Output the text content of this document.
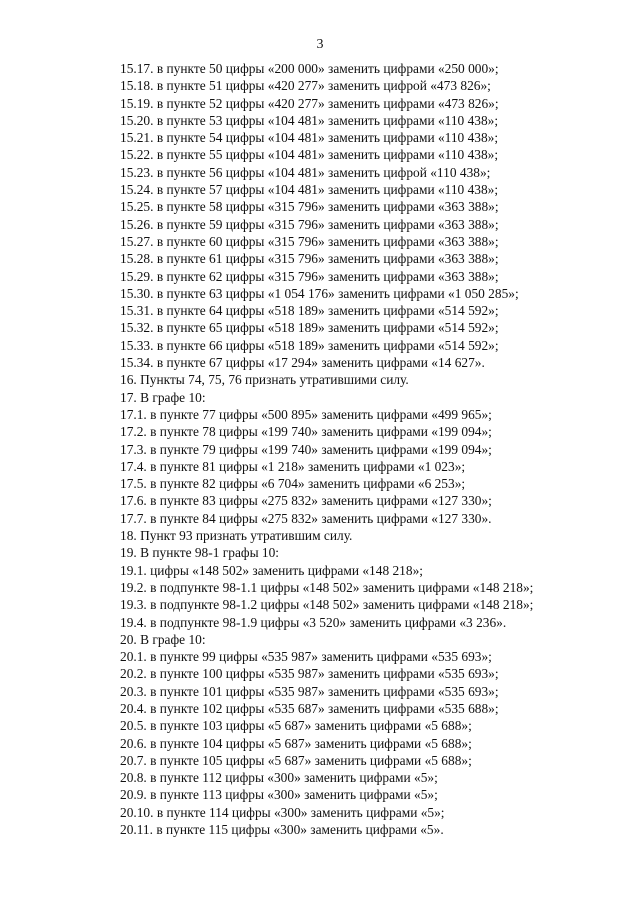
3
15.17. в пункте 50 цифры «200 000» заменить цифрами «250 000»;
15.18. в пункте 51 цифры «420 277» заменить цифрой «473 826»;
15.19. в пункте 52 цифры «420 277» заменить цифрами «473 826»;
15.20. в пункте 53 цифры «104 481» заменить цифрами «110 438»;
15.21. в пункте 54 цифры «104 481» заменить цифрами «110 438»;
15.22. в пункте 55 цифры «104 481» заменить цифрами «110 438»;
15.23. в пункте 56 цифры «104 481» заменить цифрой «110 438»;
15.24. в пункте 57 цифры «104 481» заменить цифрами «110 438»;
15.25. в пункте 58 цифры «315 796» заменить цифрами «363 388»;
15.26. в пункте 59 цифры «315 796» заменить цифрами «363 388»;
15.27. в пункте 60 цифры «315 796» заменить цифрами «363 388»;
15.28. в пункте 61 цифры «315 796» заменить цифрами «363 388»;
15.29. в пункте 62 цифры «315 796» заменить цифрами «363 388»;
15.30. в пункте 63 цифры «1 054 176» заменить цифрами «1 050 285»;
15.31. в пункте 64 цифры «518 189» заменить цифрами «514 592»;
15.32. в пункте 65 цифры «518 189» заменить цифрами «514 592»;
15.33. в пункте 66 цифры «518 189» заменить цифрами «514 592»;
15.34. в пункте 67 цифры «17 294» заменить цифрами «14 627».
16. Пункты 74, 75, 76 признать утратившими силу.
17. В графе 10:
17.1. в пункте 77 цифры «500 895» заменить цифрами «499 965»;
17.2. в пункте 78 цифры «199 740» заменить цифрами «199 094»;
17.3. в пункте 79 цифры «199 740» заменить цифрами «199 094»;
17.4. в пункте 81 цифры «1 218» заменить цифрами «1 023»;
17.5. в пункте 82 цифры «6 704» заменить цифрами «6 253»;
17.6. в пункте 83 цифры «275 832» заменить цифрами «127 330»;
17.7. в пункте 84 цифры «275 832» заменить цифрами «127 330».
18. Пункт 93 признать утратившим силу.
19. В пункте 98-1 графы 10:
19.1. цифры «148 502» заменить цифрами «148 218»;
19.2. в подпункте 98-1.1 цифры «148 502» заменить цифрами «148 218»;
19.3. в подпункте 98-1.2 цифры «148 502» заменить цифрами «148 218»;
19.4. в подпункте 98-1.9 цифры «3 520» заменить цифрами «3 236».
20. В графе 10:
20.1. в пункте 99 цифры «535 987» заменить цифрами «535 693»;
20.2. в пункте 100 цифры «535 987» заменить цифрами «535 693»;
20.3. в пункте 101 цифры «535 987» заменить цифрами «535 693»;
20.4. в пункте 102 цифры «535 687» заменить цифрами «535 688»;
20.5. в пункте 103 цифры «5 687» заменить цифрами «5 688»;
20.6. в пункте 104 цифры «5 687» заменить цифрами «5 688»;
20.7. в пункте 105 цифры «5 687» заменить цифрами «5 688»;
20.8. в пункте 112 цифры «300» заменить цифрами «5»;
20.9. в пункте 113 цифры «300» заменить цифрами «5»;
20.10. в пункте 114 цифры «300» заменить цифрами «5»;
20.11. в пункте 115 цифры «300» заменить цифрами «5».
